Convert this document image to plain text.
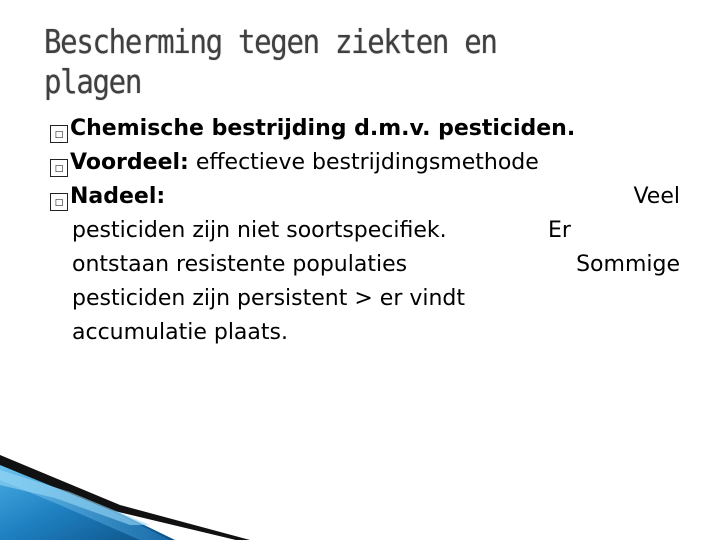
Bescherming tegen ziekten en
plagen
□ Chemische bestrijding d.m.v. pesticiden.
□ Voordeel: effectieve bestrijdingsmethode
□ Nadeel:	Veel
pesticiden zijn niet soortspecifiek.	Er
ontstaan resistente populaties	Sommige
pesticiden zijn persistent > er vindt
accumulatie plaats.
